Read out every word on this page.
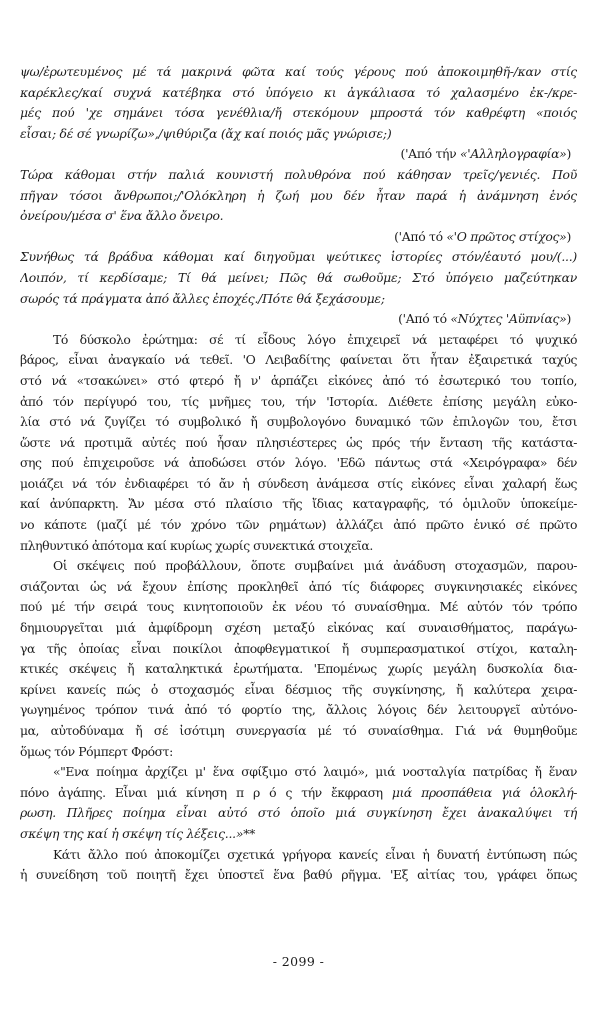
ψω/ἐρωτευμένος μέ τά μακρινά φῶτα καί τούς γέρους πού ἀποκοιμηθῆ-/καν στίς
καρέκλες/καί συχνά κατέβηκα στό ὑπόγειο κι ἀγκάλιασα τό χαλασμένο ἐκ-/κρε-
μές πού 'χε σημάνει τόσα γενέθλια/ἤ στεκόμουν μπροστά τόν καθρέφτη «ποιός
εἶσαι; δέ σέ γνωρίζω»,/ψιθύριζα (ἄχ καί ποιός μᾶς γνώρισε;)
('Από τήν «'Αλληλογραφία»)
Τώρα κάθομαι στήν παλιά κουνιστή πολυθρόνα πού κάθησαν τρεῖς/γενιές. Ποῦ
πῆγαν τόσοι ἄνθρωποι;/'Ολόκληρη ἡ ζωή μου δέν ἦταν παρά ἡ ἀνάμνηση ἑνός
ὀνείρου/μέσα σ' ἕνα ἄλλο ὄνειρο.
('Από τό «'Ο πρῶτος στίχος»)
Συνήθως τά βράδυα κάθομαι καί διηγοῦμαι ψεύτικες ἱστορίες στόν/ἑαυτό μου/(...)
Λοιπόν, τί κερδίσαμε; Τί θά μείνει; Πῶς θά σωθοῦμε; Στό ὑπόγειο μαζεύτηκαν
σωρός τά πράγματα ἀπό ἄλλες ἐποχές./Πότε θά ξεχάσουμε;
('Από τό «Νύχτες 'Αϋπνίας»)
Τό δύσκολο ἐρώτημα: σέ τί εἶδους λόγο ἐπιχειρεῖ νά μεταφέρει τό ψυχικό
βάρος, εἶναι ἀναγκαίο νά τεθεῖ. 'Ο Λειβαδίτης φαίνεται ὅτι ἦταν ἐξαιρετικά ταχύς
στό νά «τσακώνει» στό φτερό ἤ ν' ἁρπάζει εἰκόνες ἀπό τό ἐσωτερικό του τοπίο,
ἀπό τόν περίγυρό του, τίς μνῆμες του, τήν 'Ιστορία. Διέθετε ἐπίσης μεγάλη εὐκο-
λία στό νά ζυγίζει τό συμβολικό ἤ συμβολογόνο δυναμικό τῶν ἐπιλογῶν του, ἔτσι
ὥστε νά προτιμᾶ αὐτές πού ἦσαν πλησιέστερες ὡς πρός τήν ἔνταση τῆς κατάστα-
σης πού ἐπιχειροῦσε νά ἀποδώσει στόν λόγο. 'Εδῶ πάντως στά «Χειρόγραφα» δέν
μοιάζει νά τόν ἐνδιαφέρει τό ἄν ἡ σύνδεση ἀνάμεσα στίς εἰκόνες εἶναι χαλαρή ἕως
καί ἀνύπαρκτη. Ἄν μέσα στό πλαίσιο τῆς ἴδιας καταγραφῆς, τό ὁμιλοῦν ὑποκείμε-
νο κάποτε (μαζί μέ τόν χρόνο τῶν ρημάτων) ἀλλάζει ἀπό πρῶτο ἑνικό σέ πρῶτο
πληθυντικό ἀπότομα καί κυρίως χωρίς συνεκτικά στοιχεῖα.
Οἱ σκέψεις πού προβάλλουν, ὅποτε συμβαίνει μιά ἀνάδυση στοχασμῶν, παρου-
σιάζονται ὡς νά ἔχουν ἐπίσης προκληθεῖ ἀπό τίς διάφορες συγκινησιακές εἰκόνες
πού μέ τήν σειρά τους κινητοποιοῦν ἐκ νέου τό συναίσθημα. Μέ αὐτόν τόν τρόπο
δημιουργεῖται μιά ἀμφίδρομη σχέση μεταξύ εἰκόνας καί συναισθήματος, παράγω-
γα τῆς ὁποίας εἶναι ποικίλοι ἀποφθεγματικοί ἤ συμπερασματικοί στίχοι, καταλη-
κτικές σκέψεις ἤ καταληκτικά ἐρωτήματα. 'Επομένως χωρίς μεγάλη δυσκολία δια-
κρίνει κανείς πώς ὁ στοχασμός εἶναι δέσμιος τῆς συγκίνησης, ἤ καλύτερα χειρα-
γωγημένος τρόπον τινά ἀπό τό φορτίο της, ἄλλοις λόγοις δέν λειτουργεῖ αὐτόνο-
μα, αὐτοδύναμα ἤ σέ ἰσότιμη συνεργασία μέ τό συναίσθημα. Γιά νά θυμηθοῦμε
ὅμως τόν Ρόμπερτ Φρόστ:
«"Ενα ποίημα ἀρχίζει μ' ἕνα σφίξιμο στό λαιμό», μιά νοσταλγία πατρίδας ἤ ἕναν
πόνο ἀγάπης. Εἶναι μιά κίνηση π ρ ό ς τήν ἔκφραση μιά προσπάθεια γιά ὁλοκλή-
ρωση. Πλῆρες ποίημα εἶναι αὐτό στό ὁποῖο μιά συγκίνηση ἔχει ἀνακαλύψει τή
σκέψη της καί ἡ σκέψη τίς λέξεις...»**
Κάτι ἄλλο πού ἀποκομίζει σχετικά γρήγορα κανείς εἶναι ἡ δυνατή ἐντύπωση πώς
ἡ συνείδηση τοῦ ποιητῆ ἔχει ὑποστεῖ ἕνα βαθύ ρῆγμα. 'Εξ αἰτίας του, γράφει ὅπως
- 2099 -
